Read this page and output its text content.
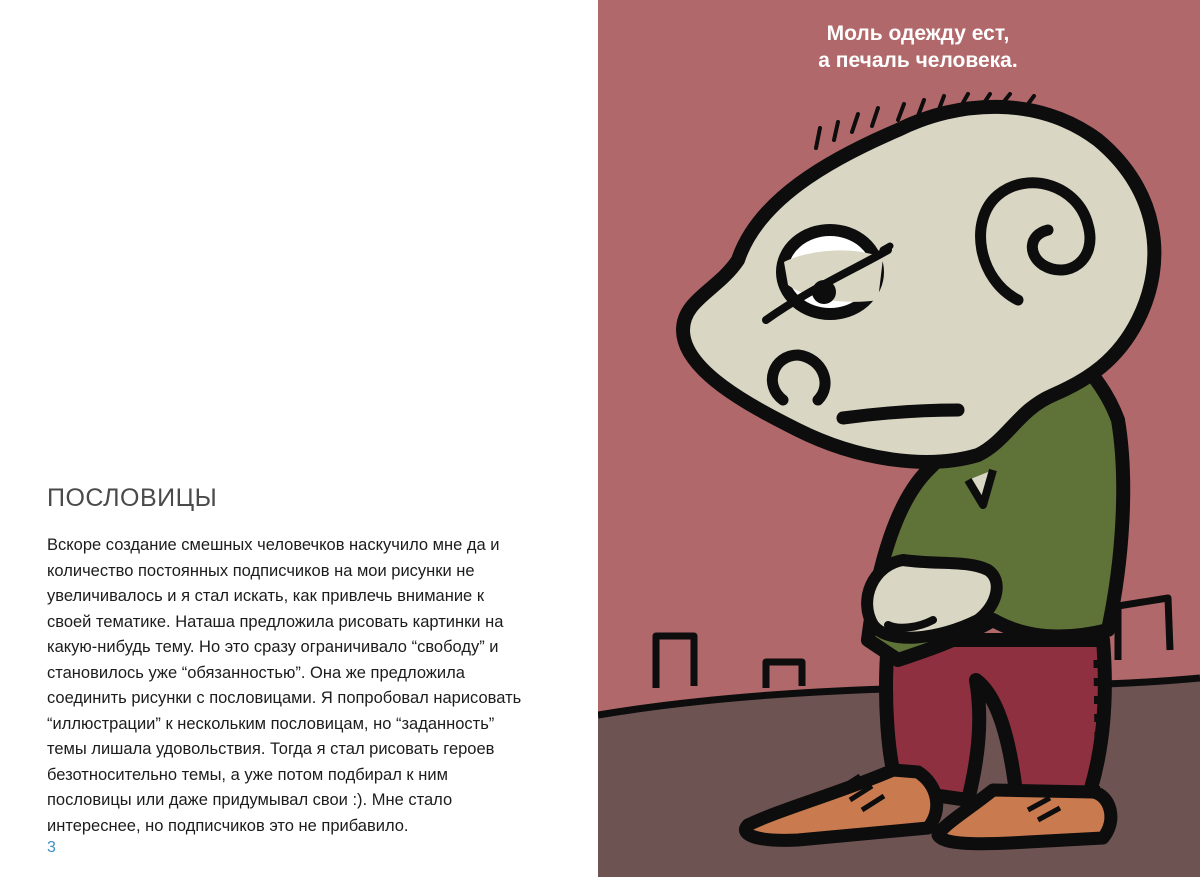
ПОСЛОВИЦЫ

Вскоре создание смешных человечков наскучило мне да и
количество постоянных подписчиков на мои рисунки не
увеличивалось и я стал искать, как привлечь внимание к
своей тематике. Наташа предложила рисовать картинки на
какую-нибудь тему. Но это сразу ограничивало “свободу” и
становилось уже “обязанностью”. Она же предложила
соединить рисунки с пословицами. Я попробовал нарисовать
“иллюстрации” к нескольким пословицам, но “заданность”
темы лишала удовольствия. Тогда я стал рисовать героев
безотносительно темы, а уже потом подбирал к ним
пословицы или даже придумывал свои :). Мне стало
интереснее, но подписчиков это не прибавило.

3
Моль одежду ест,
а печаль человека.
